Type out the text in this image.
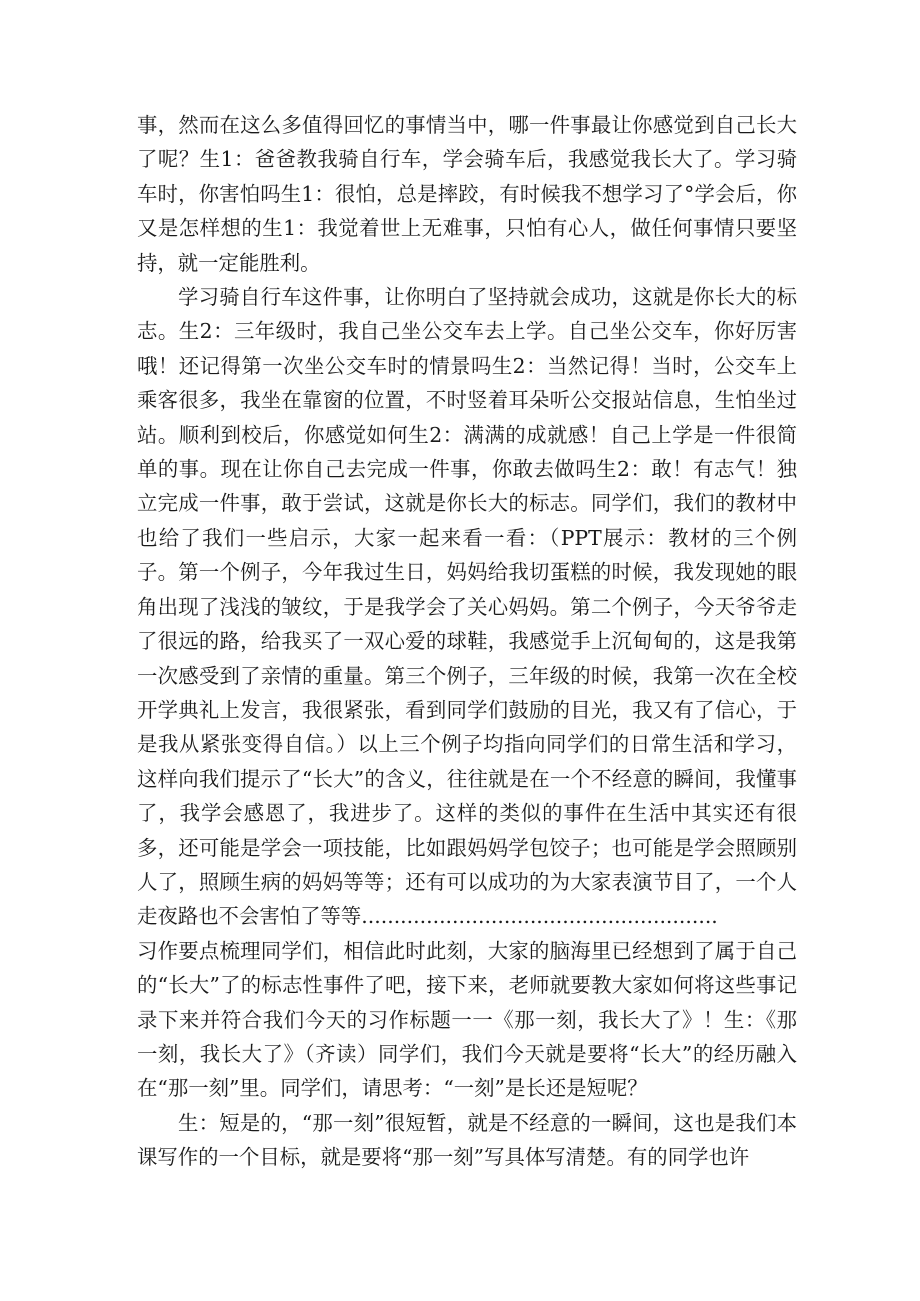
事，然而在这么多值得回忆的事情当中，哪一件事最让你感觉到自己长大了呢？生1：爸爸教我骑自行车，学会骑车后，我感觉我长大了。学习骑车时，你害怕吗生1：很怕，总是摔跤，有时候我不想学习了°学会后，你又是怎样想的生1：我觉着世上无难事，只怕有心人，做任何事情只要坚持，就一定能胜利。

学习骑自行车这件事，让你明白了坚持就会成功，这就是你长大的标志。生2：三年级时，我自己坐公交车去上学。自己坐公交车，你好厉害哦！还记得第一次坐公交车时的情景吗生2：当然记得！当时，公交车上乘客很多，我坐在靠窗的位置，不时竖着耳朵听公交报站信息，生怕坐过站。顺利到校后，你感觉如何生2：满满的成就感！自己上学是一件很简单的事。现在让你自己去完成一件事，你敢去做吗生2：敢！有志气！独立完成一件事，敢于尝试，这就是你长大的标志。同学们，我们的教材中也给了我们一些启示，大家一起来看一看：（PPT展示：教材的三个例子。第一个例子，今年我过生日，妈妈给我切蛋糕的时候，我发现她的眼角出现了浅浅的皱纹，于是我学会了关心妈妈。第二个例子，今天爷爷走了很远的路，给我买了一双心爱的球鞋，我感觉手上沉甸甸的，这是我第一次感受到了亲情的重量。第三个例子，三年级的时候，我第一次在全校开学典礼上发言，我很紧张，看到同学们鼓励的目光，我又有了信心，于是我从紧张变得自信。）以上三个例子均指向同学们的日常生活和学习，这样向我们提示了“长大”的含义，往往就是在一个不经意的瞬间，我懂事了，我学会感恩了，我进步了。这样的类似的事件在生活中其实还有很多，还可能是学会一项技能，比如跟妈妈学包饺子；也可能是学会照顾别人了，照顾生病的妈妈等等；还有可以成功的为大家表演节目了，一个人走夜路也不会害怕了等等.......................................................

习作要点梳理同学们，相信此时此刻，大家的脑海里已经想到了属于自己的“长大”了的标志性事件了吧，接下来，老师就要教大家如何将这些事记录下来并符合我们今天的习作标题一一《那一刻，我长大了》！生：《那一刻，我长大了》（齐读）同学们，我们今天就是要将“长大”的经历融入在“那一刻”里。同学们，请思考：“一刻”是长还是短呢？

生：短是的，“那一刻”很短暂，就是不经意的一瞬间，这也是我们本课写作的一个目标，就是要将“那一刻”写具体写清楚。有的同学也许
